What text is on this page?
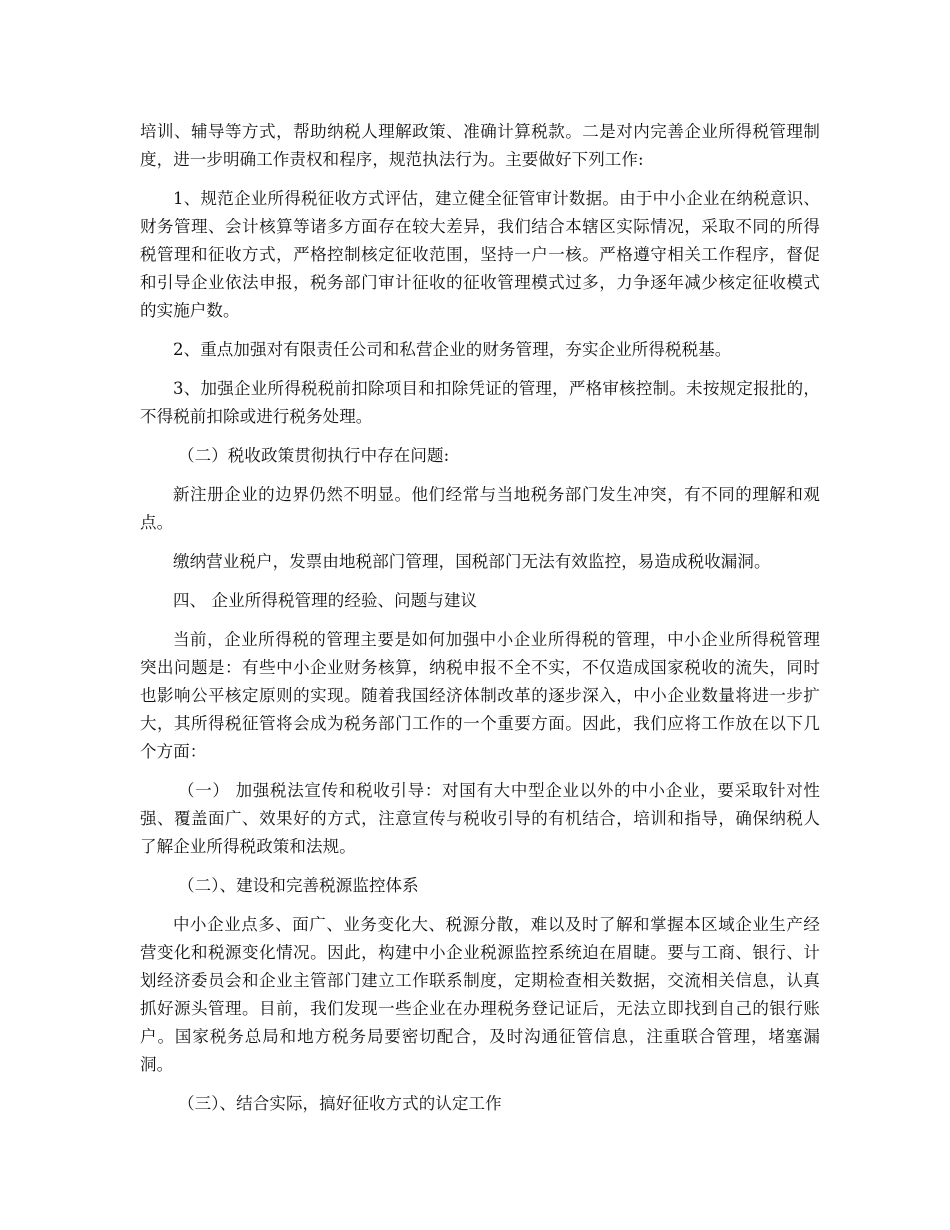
培训、辅导等方式，帮助纳税人理解政策、准确计算税款。二是对内完善企业所得税管理制度，进一步明确工作责权和程序，规范执法行为。主要做好下列工作:

1、规范企业所得税征收方式评估，建立健全征管审计数据。由于中小企业在纳税意识、财务管理、会计核算等诸多方面存在较大差异，我们结合本辖区实际情况，采取不同的所得税管理和征收方式，严格控制核定征收范围，坚持一户一核。严格遵守相关工作程序，督促和引导企业依法申报，税务部门审计征收的征收管理模式过多，力争逐年减少核定征收模式的实施户数。

2、重点加强对有限责任公司和私营企业的财务管理，夯实企业所得税税基。

3、加强企业所得税税前扣除项目和扣除凭证的管理，严格审核控制。未按规定报批的，不得税前扣除或进行税务处理。

（二）税收政策贯彻执行中存在问题:

新注册企业的边界仍然不明显。他们经常与当地税务部门发生冲突，有不同的理解和观点。

缴纳营业税户，发票由地税部门管理，国税部门无法有效监控，易造成税收漏洞。

四、 企业所得税管理的经验、问题与建议

当前，企业所得税的管理主要是如何加强中小企业所得税的管理，中小企业所得税管理突出问题是：有些中小企业财务核算，纳税申报不全不实，不仅造成国家税收的流失，同时也影响公平核定原则的实现。随着我国经济体制改革的逐步深入，中小企业数量将进一步扩大，其所得税征管将会成为税务部门工作的一个重要方面。因此，我们应将工作放在以下几个方面：

（一） 加强税法宣传和税收引导：对国有大中型企业以外的中小企业，要采取针对性强、覆盖面广、效果好的方式，注意宣传与税收引导的有机结合，培训和指导，确保纳税人了解企业所得税政策和法规。

（二）、建设和完善税源监控体系

中小企业点多、面广、业务变化大、税源分散，难以及时了解和掌握本区域企业生产经营变化和税源变化情况。因此，构建中小企业税源监控系统迫在眉睫。要与工商、银行、计划经济委员会和企业主管部门建立工作联系制度，定期检查相关数据，交流相关信息，认真抓好源头管理。目前，我们发现一些企业在办理税务登记证后，无法立即找到自己的银行账户。国家税务总局和地方税务局要密切配合，及时沟通征管信息，注重联合管理，堵塞漏洞。

（三）、结合实际，搞好征收方式的认定工作
